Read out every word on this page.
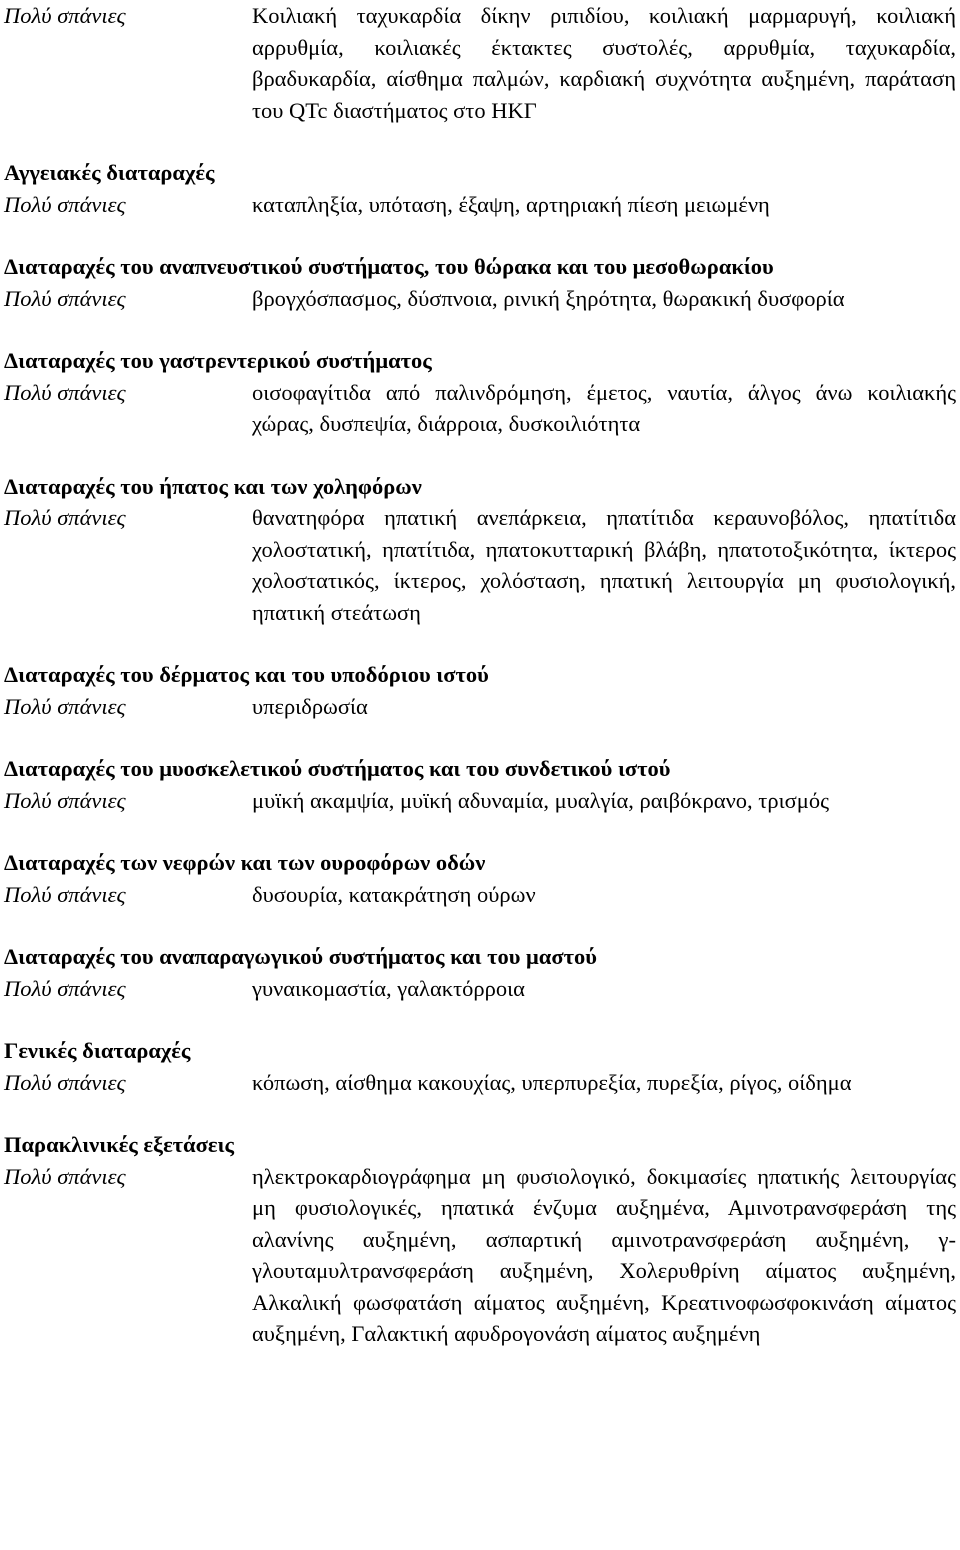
Πολύ σπάνιες	Κοιλιακή ταχυκαρδία δίκην ριπιδίου, κοιλιακή μαρμαρυγή, κοιλιακή αρρυθμία, κοιλιακές έκτακτες συστολές, αρρυθμία, ταχυκαρδία, βραδυκαρδία, αίσθημα παλμών, καρδιακή συχνότητα αυξημένη, παράταση του QTc διαστήματος στο ΗΚΓ
Αγγειακές διαταραχές
Πολύ σπάνιες	καταπληξία, υπόταση, έξαψη, αρτηριακή πίεση μειωμένη
Διαταραχές του αναπνευστικού συστήματος, του θώρακα και του μεσοθωρακίου
Πολύ σπάνιες	βρογχόσπασμος, δύσπνοια, ρινική ξηρότητα, θωρακική δυσφορία
Διαταραχές του γαστρεντερικού συστήματος
Πολύ σπάνιες	οισοφαγίτιδα από παλινδρόμηση, έμετος, ναυτία, άλγος άνω κοιλιακής χώρας, δυσπεψία, διάρροια, δυσκοιλιότητα
Διαταραχές του ήπατος και των χοληφόρων
Πολύ σπάνιες	θανατηφόρα ηπατική ανεπάρκεια, ηπατίτιδα κεραυνοβόλος, ηπατίτιδα χολοστατική, ηπατίτιδα, ηπατοκυτταρική βλάβη, ηπατοτοξικότητα, ίκτερος χολοστατικός, ίκτερος, χολόσταση, ηπατική λειτουργία μη φυσιολογική, ηπατική στεάτωση
Διαταραχές του δέρματος και του υποδόριου ιστού
Πολύ σπάνιες	υπεριδρωσία
Διαταραχές του μυοσκελετικού συστήματος και του συνδετικού ιστού
Πολύ σπάνιες	μυϊκή ακαμψία, μυϊκή αδυναμία, μυαλγία, ραιβόκρανο, τρισμός
Διαταραχές των νεφρών και των ουροφόρων οδών
Πολύ σπάνιες	δυσουρία, κατακράτηση ούρων
Διαταραχές του αναπαραγωγικού συστήματος και του μαστού
Πολύ σπάνιες	γυναικομαστία, γαλακτόρροια
Γενικές διαταραχές
Πολύ σπάνιες	κόπωση, αίσθημα κακουχίας, υπερπυρεξία, πυρεξία, ρίγος, οίδημα
Παρακλινικές εξετάσεις
Πολύ σπάνιες	ηλεκτροκαρδιογράφημα μη φυσιολογικό, δοκιμασίες ηπατικής λειτουργίας μη φυσιολογικές, ηπατικά ένζυμα αυξημένα, Αμινοτρανσφεράση της αλανίνης αυξημένη, ασπαρτική αμινοτρανσφεράση αυξημένη, γ-γλουταμυλτρανσφεράση αυξημένη, Χολερυθρίνη αίματος αυξημένη, Αλκαλική φωσφατάση αίματος αυξημένη, Κρεατινοφωσφοκινάση αίματος αυξημένη, Γαλακτική αφυδρογονάση αίματος αυξημένη
